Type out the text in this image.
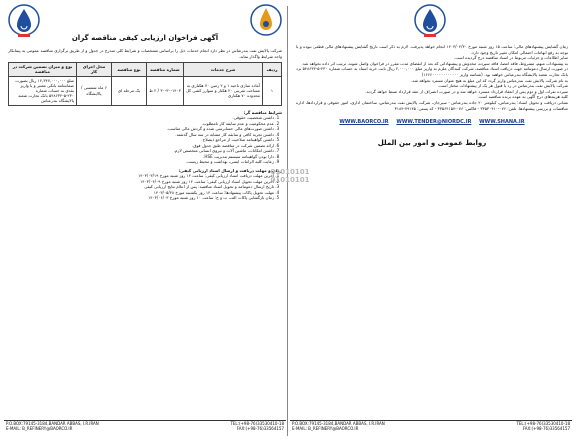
آگهی فراخوان ارزیابی کیفی مناقصه گران

شرکت پالایش نفت بندرعباس در نظر دارد انجام خدمات ذیل را براساس مشخصات و شرایط کلی مندرج در جدول و از طریق برگزاری مناقصه عمومی به پیمانکار واجد شرایط واگذار نماید.

ردیف	شرح خدمات	شماره مناقصه	نوع مناقصه	محل اجرای کار	نوع و میزان تضمین شرکت در مناقصه
۱	آماده سازی ناحیه ۱ و ۲ زمین ۷۰ هکتاری به مساحت تقریبی ۲۰ هکتار و سوارز کشی کل محدوده ۷۰ هکتاری	۳۰-۳۰-۱۴۰۳ / ۲ ط	یک مرحله ای	۶ ماه شمسی / پالایشگاه	مبلغ ۱۲,۳۴۷,۰۰۰,۰۰۰ ریال بصورت ضمانتنامه بانکی معتبر و یا واریز نقدی به حساب شماره ۲۳۰-۵-۵۴۸۶۳۲ بانک تجارت شعبه پالایشگاه بندرعباس
شرایط مناقصه گر:
1. داشتن شخصیت حقوقی.
2. عدم محکومیت و عدم سابقه کار نامطلوب.
3. داشتن صورت‌های مالی حسابرسی شده و گردش مالی مناسب.
4. داشتن تجربه کافی و سابقه کار مشابه در سه سال گذشته.
5. داشتن گواهینامه صلاحیت از مراجع ذیصلاح.
6. ارائه تضمین شرکت در مناقصه طبق جدول فوق.
7. داشتن امکانات، ماشین آلات و نیروی انسانی متخصص لازم.
8. دارا بودن گواهینامه سیستم مدیریت HSE.
9. رعایت کلیه الزامات ایمنی، بهداشت و محیط زیست.
زمان و مهلت دریافت و ارسال اسناد ارزیابی کیفی:
1. آخرین مهلت دریافت اسناد ارزیابی کیفی: ساعت ۱۴ روز شنبه مورخ ۱۴۰۳/۰۳/۱۹
2. آخرین مهلت تحویل اسناد ارزیابی کیفی: ساعت ۱۴ روز شنبه مورخ ۱۴۰۳/۰۴/۰۹
3. تاریخ ارسال دعوتنامه و تحویل اسناد مناقصه: پس از اعلام نتایج ارزیابی کیفی
4. مهلت تحویل پاکات پیشنهادها: ساعت ۱۴ روز یکشنبه مورخ ۱۴۰۳/۰۵/۲۸
5. زمان بازگشایی پاکات الف، ب و ج: ساعت ۱۰ روز شنبه مورخ ۱۴۰۳/۰۶/۰۳
P.O.BOX:79145-3184,BANDAR ABBAS, I.R.IRAN	TEL:(+98-76)33530410-18
E-MAIL: B_REFINERY@BAORCO.IR	FAX:(+98-76)33564157

زمان گشایش پیشنهادهای مالی: ساعت ۱۵ روز شنبه مورخ ۱۴۰۳/۰۴/۳۰ انجام خواهد پذیرفت. لازم به ذکر است تاریخ گشایش پیشنهادهای مالی قطعی نبوده و با توجه به رفع ابهامات احتمالی امکان تغییر تاریخ وجود دارد.

سایر اطلاعات و جزئیات مربوط در اسناد مناقصه درج گردیده است.

به پیشنهادات مبهم، مشروط، فاقد امضا، فاقد سپرده، مخدوش و پیشنهاداتی که بعد از انقضای مدت مقرر در فراخوان واصل شوند، ترتیب اثر داده نخواهد شد.

در صورت ارسال دعوتنامه جهت دریافت اسناد مناقصه، شرکت کنندگان ملزم به واریز مبلغ ۲,۰۰۰,۰۰۰ ریال بابت خرید اسناد به حساب شماره ۲۳۰-۵-۵۴۸۶۳۲ نزد بانک تجارت شعبه پالایشگاه بندرعباس خواهند بود. (شناسه واریز ۱۶۶۶۰۰۰۰۰۰۰۰۰۰۰۰)

به نام شرکت پالایش نفت بندرعباس واریز گردد که این مبلغ به هیچ عنوان مسترد نخواهد شد.

شرکت پالایش نفت بندرعباس در رد یا قبول هر یک از پیشنهادات مختار است.

سپرده نفرات اول و دوم پس از انعقاد قرارداد مسترد خواهد شد و در صورت انصراف از عقد قرارداد ضبط خواهد گردید.

کلیه هزینه‌های درج آگهی به عهده برنده مناقصه است.

نشانی دریافت و تحویل اسناد: بندرعباس، کیلومتر ۲۰ جاده بندرعباس - سیرجان، شرکت پالایش نفت بندرعباس، ساختمان اداری، امور حقوقی و قراردادها، اداره مناقصات و بررسی پیشنهادها. تلفن: ۰۷۶-۳۳۵۳۰۴۱۰ - فاکس: ۰۷۶-۳۳۵۶۴۱۵۷ - کد پستی: ۷۹۱۴۵-۳۱۸۴

WWW.BAORCO.IR WWW.TENDER@NIORDC.IR WWW.SHANA.IR
روابط عمومی و امور بین الملل
P.O.BOX:79145-3184,BANDAR ABBAS, I.R.IRAN	TEL:(+98-76)33530410-18
E-MAIL: B_REFINERY@BAORCO.IR	FAX:(+98-76)33564157
01010101 01010101
